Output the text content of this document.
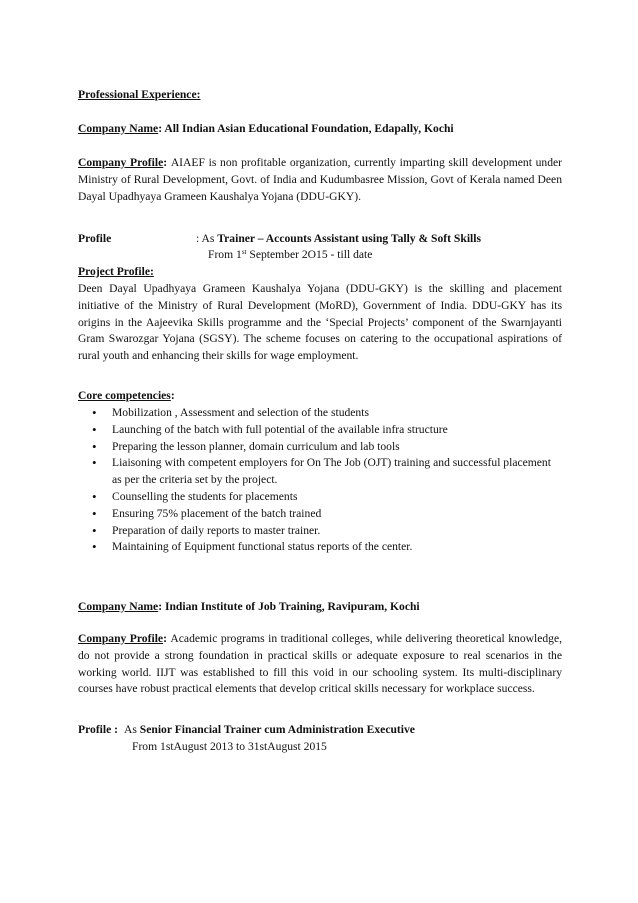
Professional Experience:
Company Name: All Indian Asian Educational Foundation, Edapally, Kochi
Company Profile: AIAEF is non profitable organization, currently imparting skill development under Ministry of Rural Development, Govt. of India and Kudumbasree Mission, Govt of Kerala named Deen Dayal Upadhyaya Grameen Kaushalya Yojana (DDU-GKY).
Profile	: As Trainer – Accounts Assistant using Tally & Soft Skills
From 1st September 2O15 - till date
Project Profile:
Deen Dayal Upadhyaya Grameen Kaushalya Yojana (DDU-GKY) is the skilling and placement initiative of the Ministry of Rural Development (MoRD), Government of India. DDU-GKY has its origins in the Aajeevika Skills programme and the ‘Special Projects’ component of the Swarnjayanti Gram Swarozgar Yojana (SGSY). The scheme focuses on catering to the occupational aspirations of rural youth and enhancing their skills for wage employment.
Core competencies:
• Mobilization , Assessment and selection of the students
• Launching of the batch with full potential of the available infra structure
• Preparing the lesson planner, domain curriculum and lab tools
• Liaisoning with competent employers for On The Job (OJT) training and successful placement as per the criteria set by the project.
• Counselling the students for placements
• Ensuring 75% placement of the batch trained
• Preparation of daily reports to master trainer.
• Maintaining of Equipment functional status reports of the center.
Company Name: Indian Institute of Job Training, Ravipuram, Kochi
Company Profile: Academic programs in traditional colleges, while delivering theoretical knowledge, do not provide a strong foundation in practical skills or adequate exposure to real scenarios in the working world. IIJT was established to fill this void in our schooling system. Its multi-disciplinary courses have robust practical elements that develop critical skills necessary for workplace success.
Profile : As Senior Financial Trainer cum Administration Executive
From 1stAugust 2013 to 31stAugust 2015
